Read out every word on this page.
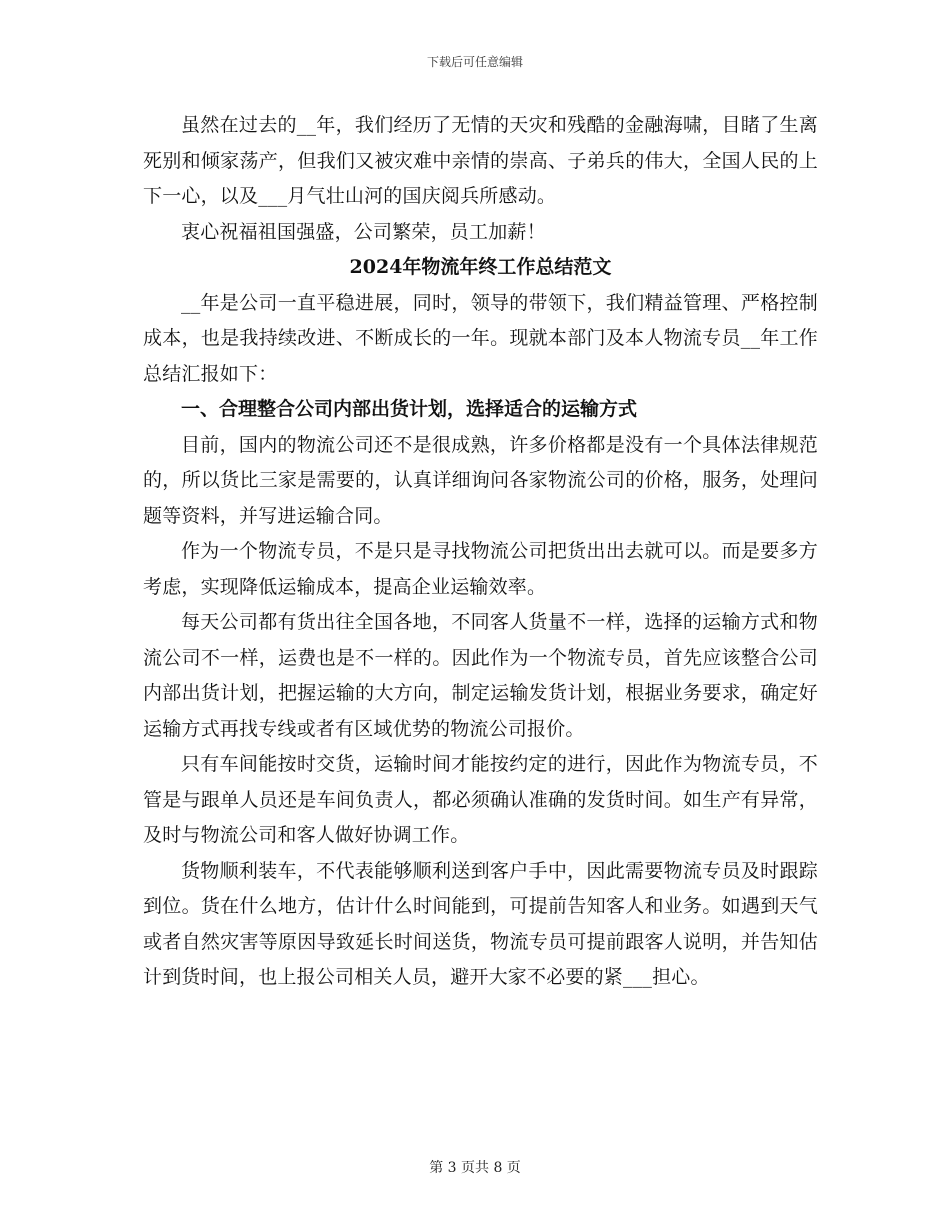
下载后可任意编辑

虽然在过去的__年，我们经历了无情的天灾和残酷的金融海啸，目睹了生离死别和倾家荡产，但我们又被灾难中亲情的崇高、子弟兵的伟大，全国人民的上下一心，以及___月气壮山河的国庆阅兵所感动。

衷心祝福祖国强盛，公司繁荣，员工加薪！

2024年物流年终工作总结范文

__年是公司一直平稳进展，同时，领导的带领下，我们精益管理、严格控制成本，也是我持续改进、不断成长的一年。现就本部门及本人物流专员__年工作总结汇报如下：

一、合理整合公司内部出货计划，选择适合的运输方式

目前，国内的物流公司还不是很成熟，许多价格都是没有一个具体法律规范的，所以货比三家是需要的，认真详细询问各家物流公司的价格，服务，处理问题等资料，并写进运输合同。

作为一个物流专员，不是只是寻找物流公司把货出出去就可以。而是要多方考虑，实现降低运输成本，提高企业运输效率。

每天公司都有货出往全国各地，不同客人货量不一样，选择的运输方式和物流公司不一样，运费也是不一样的。因此作为一个物流专员，首先应该整合公司内部出货计划，把握运输的大方向，制定运输发货计划，根据业务要求，确定好运输方式再找专线或者有区域优势的物流公司报价。

只有车间能按时交货，运输时间才能按约定的进行，因此作为物流专员，不管是与跟单人员还是车间负责人，都必须确认准确的发货时间。如生产有异常，及时与物流公司和客人做好协调工作。

货物顺利装车，不代表能够顺利送到客户手中，因此需要物流专员及时跟踪到位。货在什么地方，估计什么时间能到，可提前告知客人和业务。如遇到天气或者自然灾害等原因导致延长时间送货，物流专员可提前跟客人说明，并告知估计到货时间，也上报公司相关人员，避开大家不必要的紧___担心。

第 3 页共 8 页
